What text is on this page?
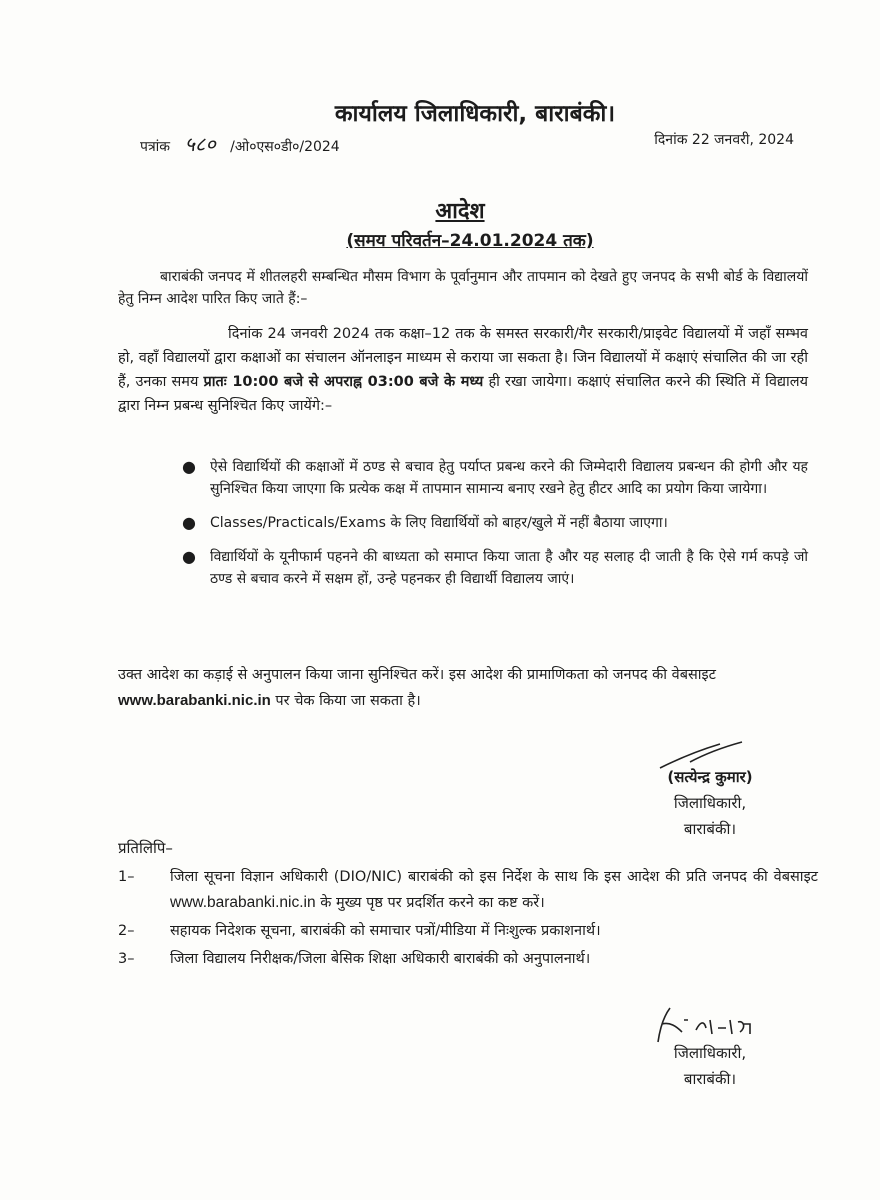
कार्यालय जिलाधिकारी, बाराबंकी।
पत्रांक ५८० /ओ०एस०डी०/2024	दिनांक 22 जनवरी, 2024
आदेश
(समय परिवर्तन–24.01.2024 तक)
बाराबंकी जनपद में शीतलहरी सम्बन्धित मौसम विभाग के पूर्वानुमान और तापमान को देखते हुए जनपद के सभी बोर्ड के विद्यालयों हेतु निम्न आदेश पारित किए जाते हैं:–
दिनांक 24 जनवरी 2024 तक कक्षा–12 तक के समस्त सरकारी/गैर सरकारी/प्राइवेट विद्यालयों में जहाँ सम्भव हो, वहाँ विद्यालयों द्वारा कक्षाओं का संचालन ऑनलाइन माध्यम से कराया जा सकता है। जिन विद्यालयों में कक्षाएं संचालित की जा रही हैं, उनका समय प्रातः 10:00 बजे से अपराह्न 03:00 बजे के मध्य ही रखा जायेगा। कक्षाएं संचालित करने की स्थिति में विद्यालय द्वारा निम्न प्रबन्ध सुनिश्चित किए जायेंगे:–
● ऐसे विद्यार्थियों की कक्षाओं में ठण्ड से बचाव हेतु पर्याप्त प्रबन्ध करने की जिम्मेदारी विद्यालय प्रबन्धन की होगी और यह सुनिश्चित किया जाएगा कि प्रत्येक कक्ष में तापमान सामान्य बनाए रखने हेतु हीटर आदि का प्रयोग किया जायेगा।
● Classes/Practicals/Exams के लिए विद्यार्थियों को बाहर/खुले में नहीं बैठाया जाएगा।
● विद्यार्थियों के यूनीफार्म पहनने की बाध्यता को समाप्त किया जाता है और यह सलाह दी जाती है कि ऐसे गर्म कपड़े जो ठण्ड से बचाव करने में सक्षम हों, उन्हे पहनकर ही विद्यार्थी विद्यालय जाएं।
उक्त आदेश का कड़ाई से अनुपालन किया जाना सुनिश्चित करें। इस आदेश की प्रामाणिकता को जनपद की वेबसाइट www.barabanki.nic.in पर चेक किया जा सकता है।
(सत्येन्द्र कुमार)
जिलाधिकारी,
बाराबंकी।
प्रतिलिपि–
1– जिला सूचना विज्ञान अधिकारी (DIO/NIC) बाराबंकी को इस निर्देश के साथ कि इस आदेश की प्रति जनपद की वेबसाइट www.barabanki.nic.in के मुख्य पृष्ठ पर प्रदर्शित करने का कष्ट करें।
2– सहायक निदेशक सूचना, बाराबंकी को समाचार पत्रों/मीडिया में निःशुल्क प्रकाशनार्थ।
3– जिला विद्यालय निरीक्षक/जिला बेसिक शिक्षा अधिकारी बाराबंकी को अनुपालनार्थ।
जिलाधिकारी,
बाराबंकी।
